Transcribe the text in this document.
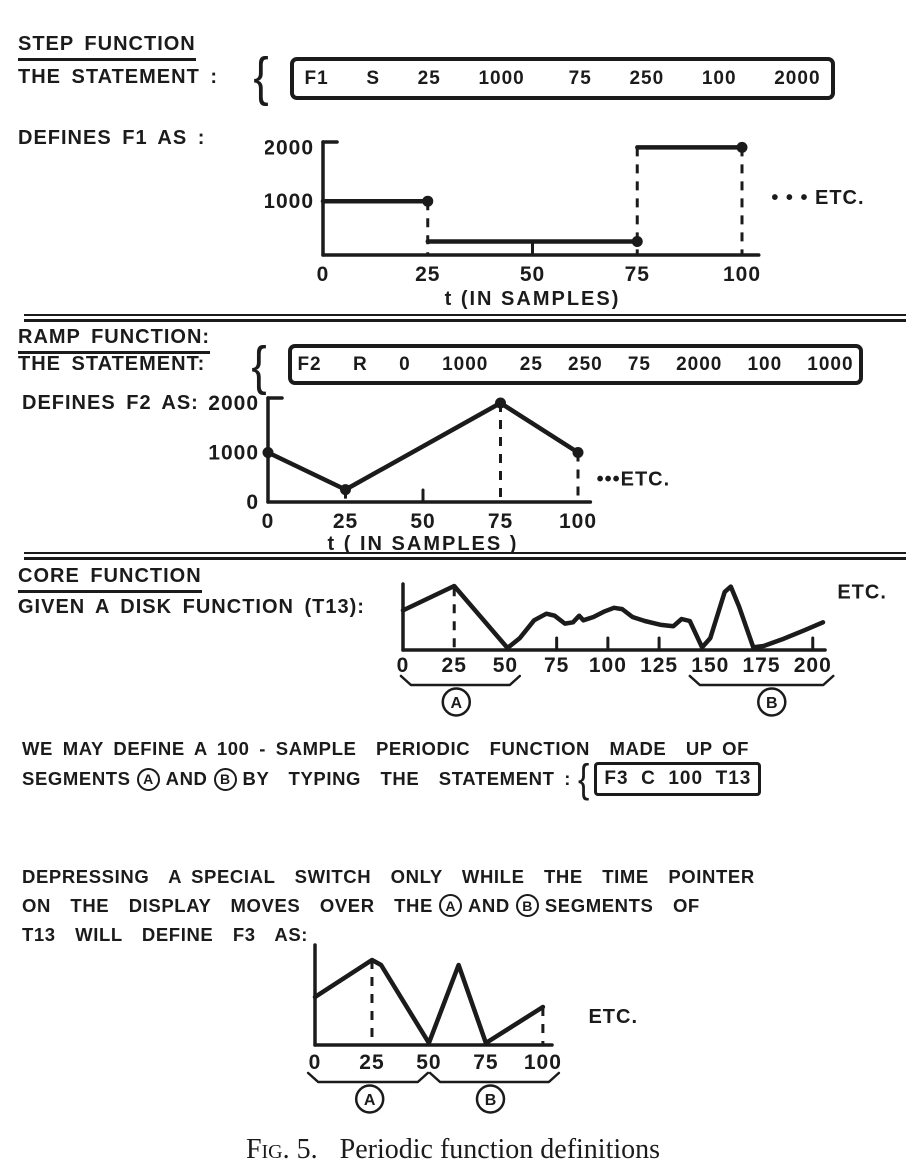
STEP FUNCTION
THE STATEMENT : { F1      S      25      1000       75      250      100      2000
DEFINES F1 AS :
0	25	50	75	100
2000
1000
t (IN SAMPLES)
• • • ETC.
RAMP FUNCTION:
THE STATEMENT: { F2     R     0     1000     25    250    75    2000    100    1000
DEFINES F2 AS:
0	25 50 75 100
2000
1000
0
t ( IN SAMPLES )
•••ETC.
CORE FUNCTION
GIVEN A DISK FUNCTION (T13):
0 25 50 75 100 125 150 175 200
ETC.
A	B
WE MAY DEFINE A 100 - SAMPLE  PERIODIC  FUNCTION  MADE  UP OF
SEGMENTS A AND B BY  TYPING  THE  STATEMENT : { F3  C  100  T13
DEPRESSING  A SPECIAL  SWITCH  ONLY  WHILE  THE  TIME  POINTER
ON  THE  DISPLAY  MOVES  OVER  THE A AND B SEGMENTS  OF
T13  WILL  DEFINE  F3  AS:
0 25 50 75 100
ETC.
A	B
Fig. 5. Periodic function definitions
